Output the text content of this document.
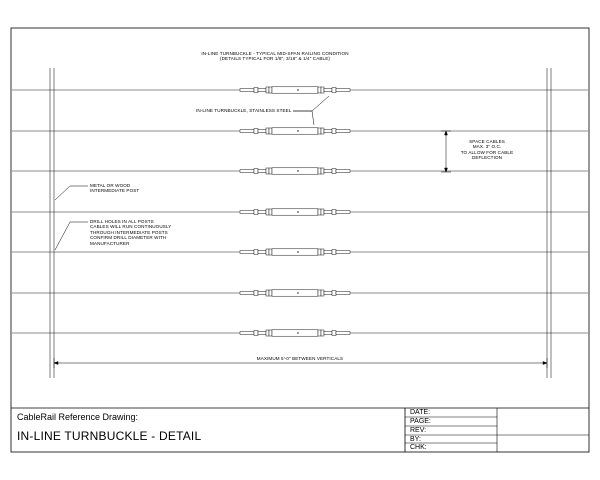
IN-LINE TURNBUCKLE - TYPICAL MID-SPAN RAILING CONDITION
(DETAILS TYPICAL FOR 1/8", 3/16" & 1/4" CABLE)
IN-LINE TURNBUCKLE, STAINLESS STEEL
SPACE CABLES
MAX. 3" O.C.
TO ALLOW FOR CABLE
DEFLECTION
METAL OR WOOD
INTERMEDIATE POST
DRILL HOLES IN ALL POSTS
CABLES WILL RUN CONTINUOUSLY
THROUGH INTERMEDIATE POSTS
CONFIRM DRILL DIAMETER WITH
MANUFACTURER
MAXIMUM 5'-0" BETWEEN VERTICALS
CableRail Reference Drawing:
IN-LINE TURNBUCKLE - DETAIL
DATE:
PAGE:
REV:
BY:
CHK:
